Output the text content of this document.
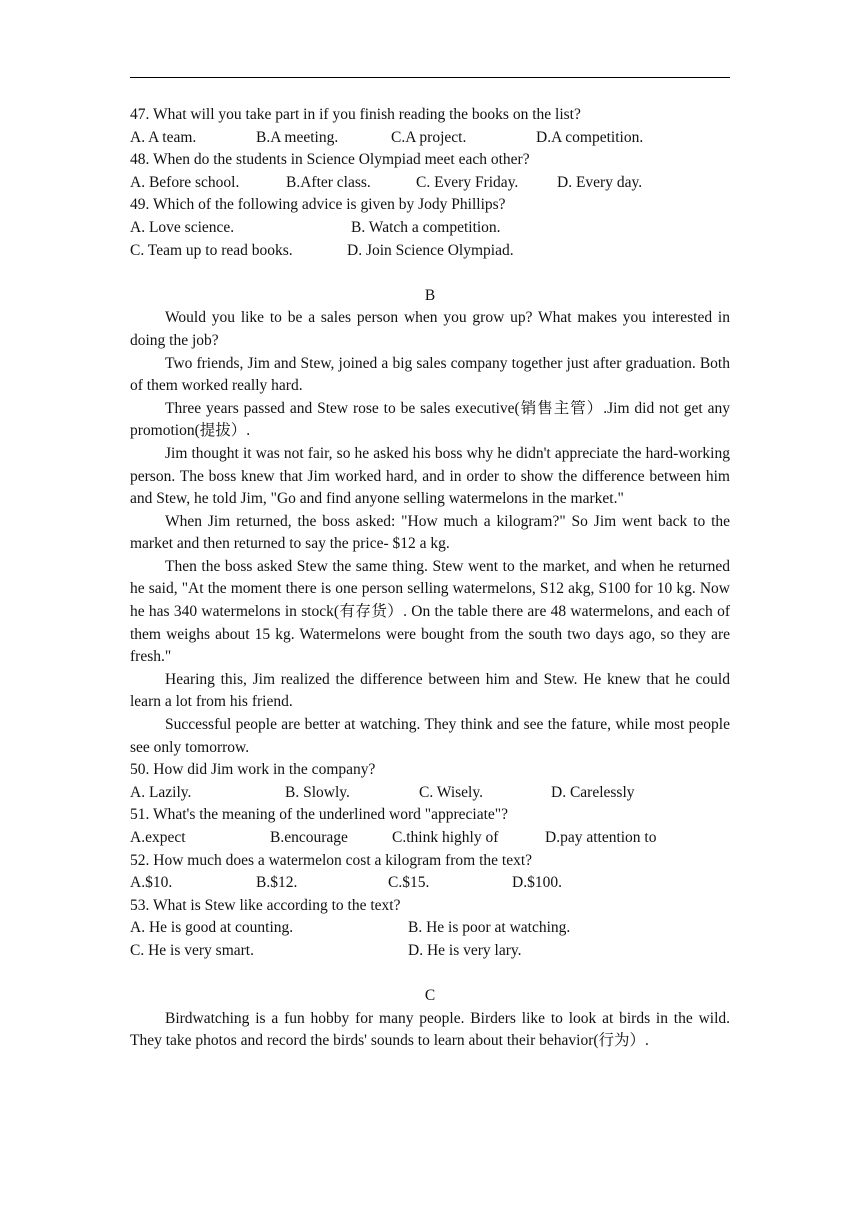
47. What will you take part in if you finish reading the books on the list?
A. A team.	B.A meeting.	C.A project.	D.A competition.
48. When do the students in Science Olympiad meet each other?
A. Before school.	B.After class.	C. Every Friday. D. Every day.
49. Which of the following advice is given by Jody Phillips?
A. Love science.	B. Watch a competition.
C. Team up to read books.	D. Join Science Olympiad.
B

Would you like to be a sales person when you grow up? What makes you interested in doing the job?

Two friends, Jim and Stew, joined a big sales company together just after graduation. Both of them worked really hard.

Three years passed and Stew rose to be sales executive(销售主管）.Jim did not get any promotion(提拔）.

Jim thought it was not fair, so he asked his boss why he didn't appreciate the hard-working person. The boss knew that Jim worked hard, and in order to show the difference between him and Stew, he told Jim, "Go and find anyone selling watermelons in the market."

When Jim returned, the boss asked: "How much a kilogram?" So Jim went back to the market and then returned to say the price- $12 a kg.

Then the boss asked Stew the same thing. Stew went to the market, and when he returned he said, "At the moment there is one person selling watermelons, S12 akg, S100 for 10 kg. Now he has 340 watermelons in stock(有存货）. On the table there are 48 watermelons, and each of them weighs about 15 kg. Watermelons were bought from the south two days ago, so they are fresh."

Hearing this, Jim realized the difference between him and Stew. He knew that he could learn a lot from his friend.

Successful people are better at watching. They think and see the fature, while most people see only tomorrow.

50. How did Jim work in the company?
A. Lazily.	B. Slowly.	C. Wisely.	D. Carelessly
51. What's the meaning of the underlined word "appreciate"?
A.expect	B.encourage	C.think highly of	D.pay attention to
52. How much does a watermelon cost a kilogram from the text?
A.$10.	B.$12.	C.$15.	D.$100.
53. What is Stew like according to the text?
A. He is good at counting.	B. He is poor at watching.
C. He is very smart.	D. He is very lary.
C

Birdwatching is a fun hobby for many people. Birders like to look at birds in the wild. They take photos and record the birds' sounds to learn about their behavior(行为）.
